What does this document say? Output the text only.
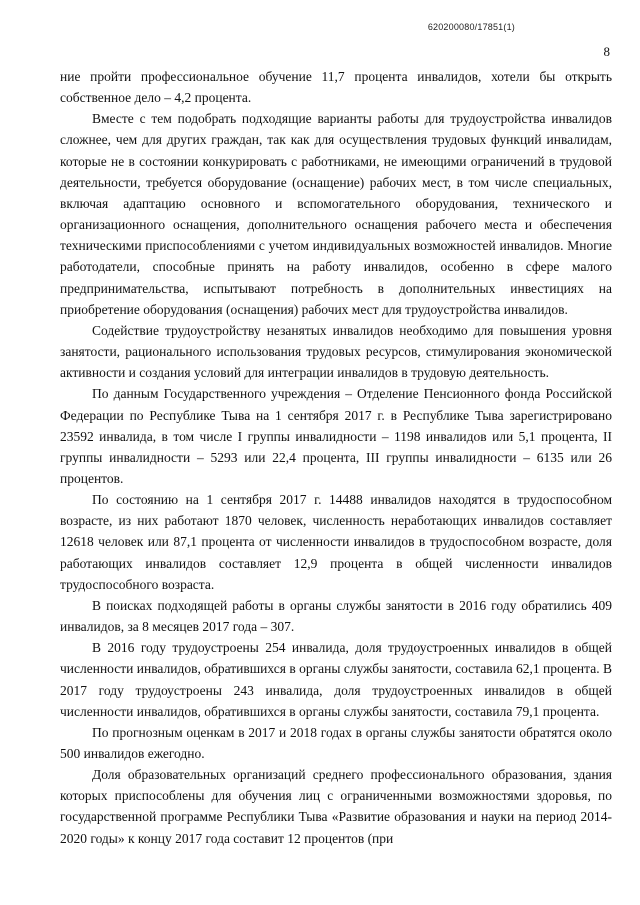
620200080/17851(1)
8

ние пройти профессиональное обучение 11,7 процента инвалидов, хотели бы открыть собственное дело – 4,2 процента.

Вместе с тем подобрать подходящие варианты работы для трудоустройства инвалидов сложнее, чем для других граждан, так как для осуществления трудовых функций инвалидам, которые не в состоянии конкурировать с работниками, не имеющими ограничений в трудовой деятельности, требуется оборудование (оснащение) рабочих мест, в том числе специальных, включая адаптацию основного и вспомогательного оборудования, технического и организационного оснащения, дополнительного оснащения рабочего места и обеспечения техническими приспособлениями с учетом индивидуальных возможностей инвалидов. Многие работодатели, способные принять на работу инвалидов, особенно в сфере малого предпринимательства, испытывают потребность в дополнительных инвестициях на приобретение оборудования (оснащения) рабочих мест для трудоустройства инвалидов.

Содействие трудоустройству незанятых инвалидов необходимо для повышения уровня занятости, рационального использования трудовых ресурсов, стимулирования экономической активности и создания условий для интеграции инвалидов в трудовую деятельность.

По данным Государственного учреждения – Отделение Пенсионного фонда Российской Федерации по Республике Тыва на 1 сентября 2017 г. в Республике Тыва зарегистрировано 23592 инвалида, в том числе I группы инвалидности – 1198 инвалидов или 5,1 процента, II группы инвалидности – 5293 или 22,4 процента, III группы инвалидности – 6135 или 26 процентов.

По состоянию на 1 сентября 2017 г. 14488 инвалидов находятся в трудоспособном возрасте, из них работают 1870 человек, численность неработающих инвалидов составляет 12618 человек или 87,1 процента от численности инвалидов в трудоспособном возрасте, доля работающих инвалидов составляет 12,9 процента в общей численности инвалидов трудоспособного возраста.

В поисках подходящей работы в органы службы занятости в 2016 году обратились 409 инвалидов, за 8 месяцев 2017 года – 307.

В 2016 году трудоустроены 254 инвалида, доля трудоустроенных инвалидов в общей численности инвалидов, обратившихся в органы службы занятости, составила 62,1 процента. В 2017 году трудоустроены 243 инвалида, доля трудоустроенных инвалидов в общей численности инвалидов, обратившихся в органы службы занятости, составила 79,1 процента.

По прогнозным оценкам в 2017 и 2018 годах в органы службы занятости обратятся около 500 инвалидов ежегодно.

Доля образовательных организаций среднего профессионального образования, здания которых приспособлены для обучения лиц с ограниченными возможностями здоровья, по государственной программе Республики Тыва «Развитие образования и науки на период 2014-2020 годы» к концу 2017 года составит 12 процентов (при
